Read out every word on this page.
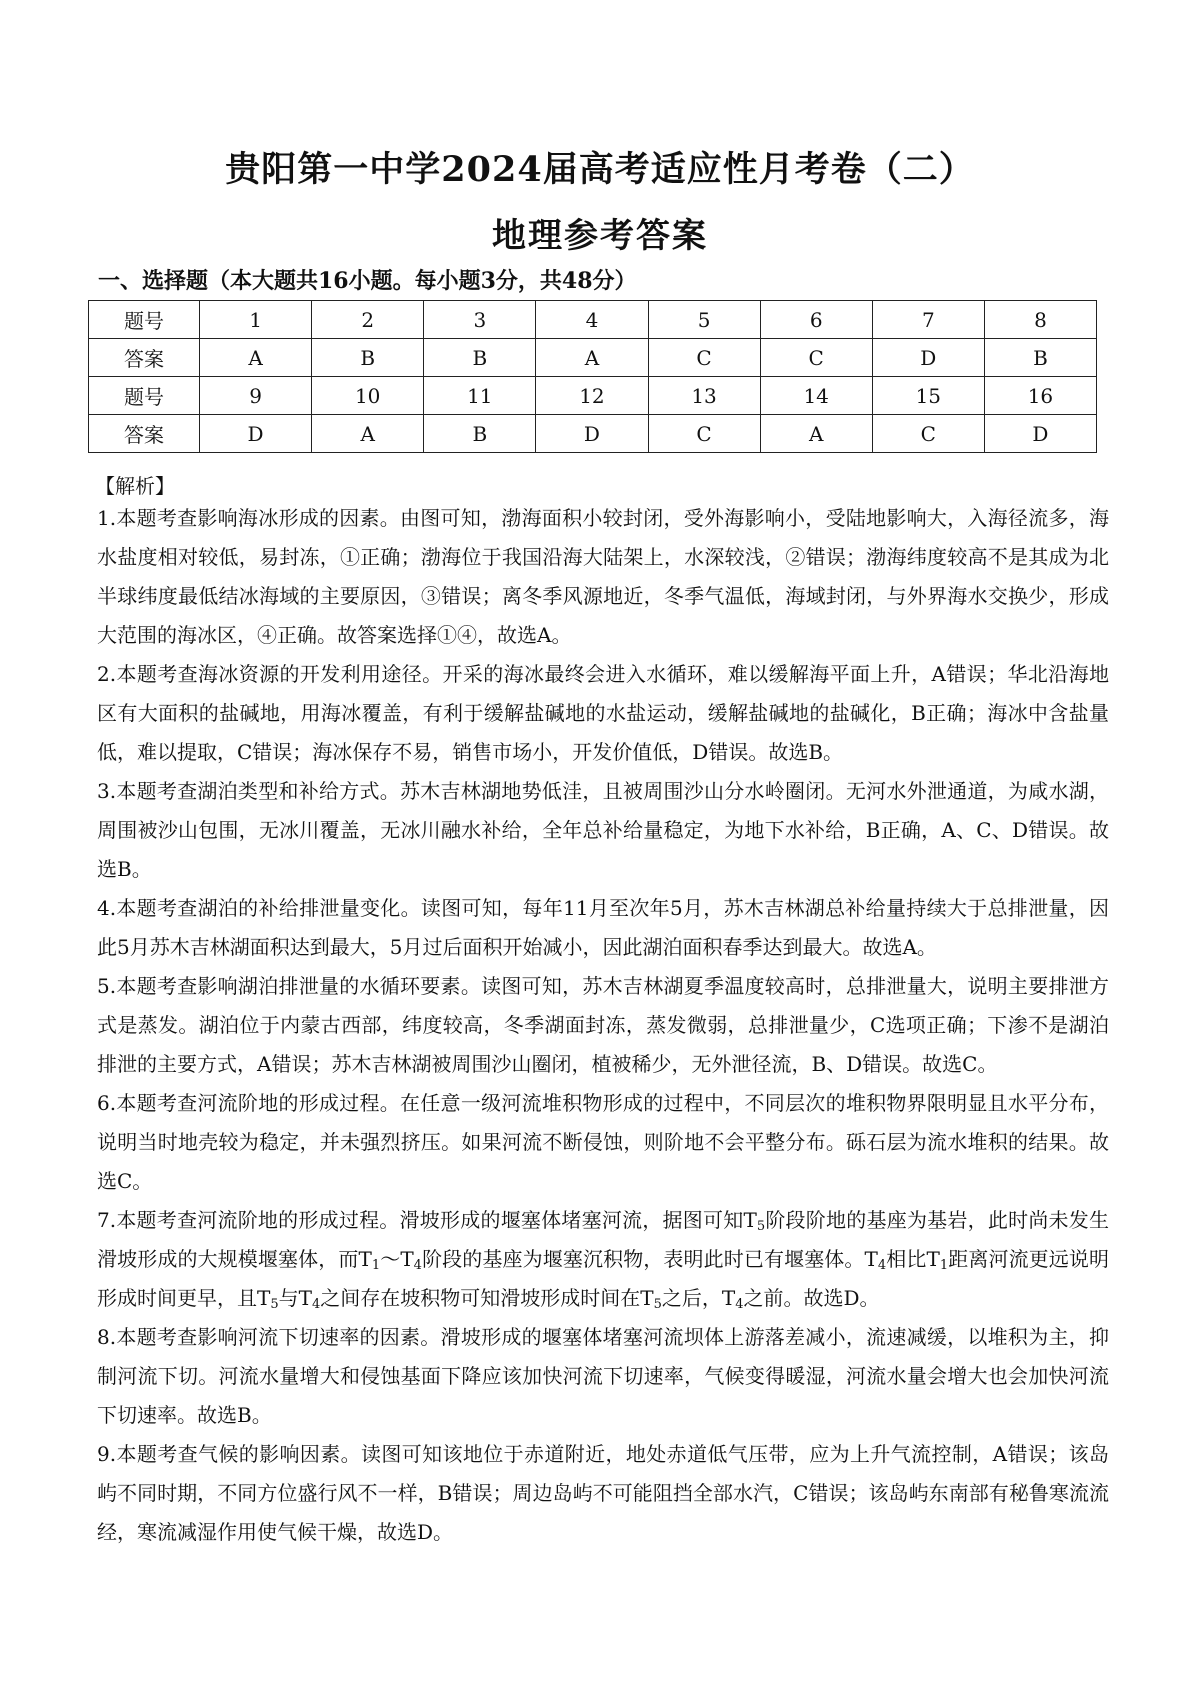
贵阳第一中学2024届高考适应性月考卷（二）
地理参考答案
一、选择题（本大题共16小题。每小题3分，共48分）
题号	1	2	3	4	5	6	7	8
答案	A	B	B	A	C	C	D	B
题号	9	10	11	12	13	14	15	16
答案	D	A	B	D	C	A	C	D
【解析】

1.本题考查影响海冰形成的因素。由图可知，渤海面积小较封闭，受外海影响小，受陆地影响大，入海径流多，海水盐度相对较低，易封冻，①正确；渤海位于我国沿海大陆架上，水深较浅，②错误；渤海纬度较高不是其成为北半球纬度最低结冰海域的主要原因，③错误；离冬季风源地近，冬季气温低，海域封闭，与外界海水交换少，形成大范围的海冰区，④正确。故答案选择①④，故选A。

2.本题考查海冰资源的开发利用途径。开采的海冰最终会进入水循环，难以缓解海平面上升，A错误；华北沿海地区有大面积的盐碱地，用海冰覆盖，有利于缓解盐碱地的水盐运动，缓解盐碱地的盐碱化，B正确；海冰中含盐量低，难以提取，C错误；海冰保存不易，销售市场小，开发价值低，D错误。故选B。

3.本题考查湖泊类型和补给方式。苏木吉林湖地势低洼，且被周围沙山分水岭圈闭。无河水外泄通道，为咸水湖，周围被沙山包围，无冰川覆盖，无冰川融水补给，全年总补给量稳定，为地下水补给，B正确，A、C、D错误。故选B。

4.本题考查湖泊的补给排泄量变化。读图可知，每年11月至次年5月，苏木吉林湖总补给量持续大于总排泄量，因此5月苏木吉林湖面积达到最大，5月过后面积开始减小，因此湖泊面积春季达到最大。故选A。

5.本题考查影响湖泊排泄量的水循环要素。读图可知，苏木吉林湖夏季温度较高时，总排泄量大，说明主要排泄方式是蒸发。湖泊位于内蒙古西部，纬度较高，冬季湖面封冻，蒸发微弱，总排泄量少，C选项正确；下渗不是湖泊排泄的主要方式，A错误；苏木吉林湖被周围沙山圈闭，植被稀少，无外泄径流，B、D错误。故选C。

6.本题考查河流阶地的形成过程。在任意一级河流堆积物形成的过程中，不同层次的堆积物界限明显且水平分布，说明当时地壳较为稳定，并未强烈挤压。如果河流不断侵蚀，则阶地不会平整分布。砾石层为流水堆积的结果。故选C。

7.本题考查河流阶地的形成过程。滑坡形成的堰塞体堵塞河流，据图可知$T_5$阶段阶地的基座为基岩，此时尚未发生滑坡形成的大规模堰塞体，而$T_1\sim T_4$阶段的基座为堰塞沉积物，表明此时已有堰塞体。$T_4$相比$T_1$距离河流更远说明形成时间更早，且$T_5$与$T_4$之间存在坡积物可知滑坡形成时间在$T_5$之后，$T_4$之前。故选D。

8.本题考查影响河流下切速率的因素。滑坡形成的堰塞体堵塞河流坝体上游落差减小，流速减缓，以堆积为主，抑制河流下切。河流水量增大和侵蚀基面下降应该加快河流下切速率，气候变得暖湿，河流水量会增大也会加快河流下切速率。故选B。

9.本题考查气候的影响因素。读图可知该地位于赤道附近，地处赤道低气压带，应为上升气流控制，A错误；该岛屿不同时期，不同方位盛行风不一样，B错误；周边岛屿不可能阻挡全部水汽，C错误；该岛屿东南部有秘鲁寒流流经，寒流减湿作用使气候干燥，故选D。
